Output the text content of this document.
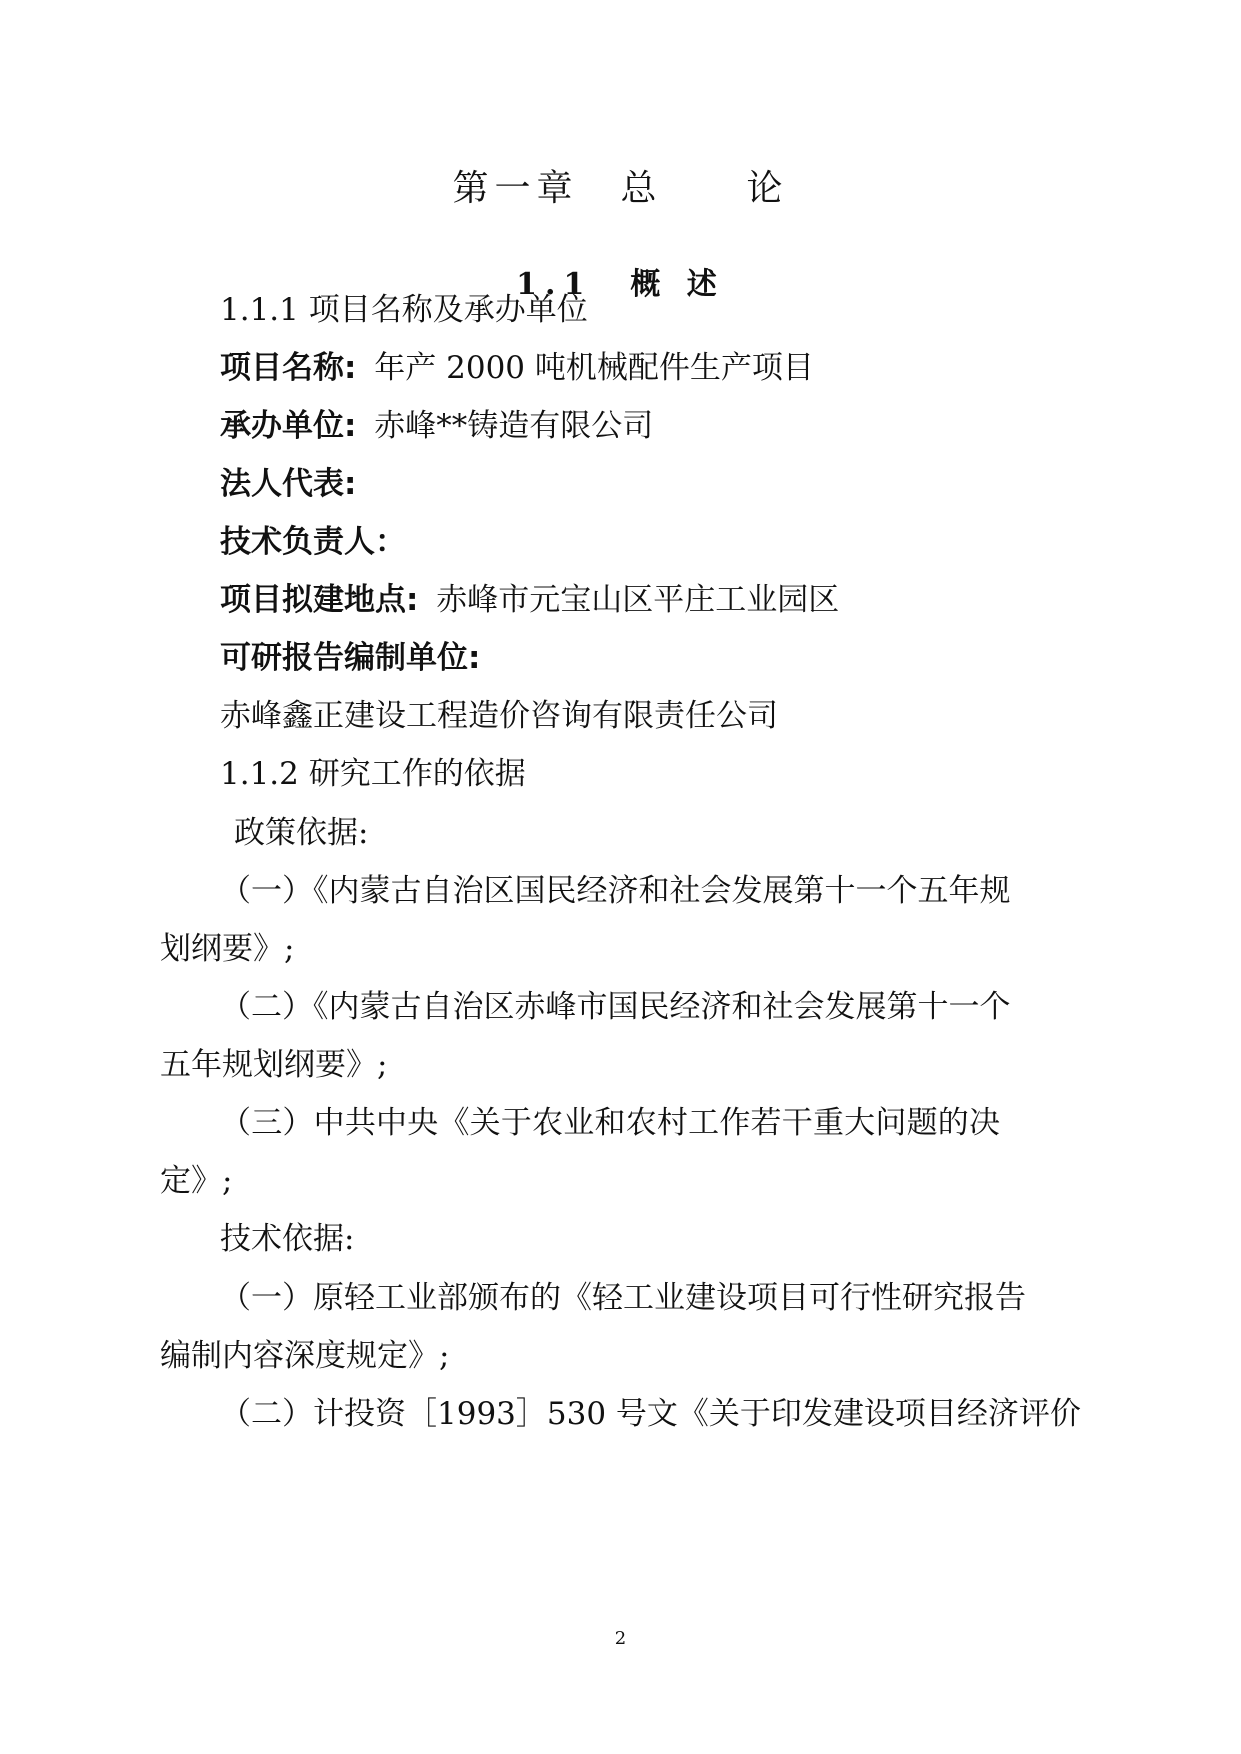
第一章　总　　论
1.1　概 述
1.1.1 项目名称及承办单位
项目名称: 年产 2000 吨机械配件生产项目
承办单位: 赤峰**铸造有限公司
法人代表:
技术负责人：
项目拟建地点: 赤峰市元宝山区平庄工业园区
可研报告编制单位:
赤峰鑫正建设工程造价咨询有限责任公司
1.1.2 研究工作的依据
政策依据:
（一）《内蒙古自治区国民经济和社会发展第十一个五年规
划纲要》;
（二）《内蒙古自治区赤峰市国民经济和社会发展第十一个
五年规划纲要》;
（三）中共中央《关于农业和农村工作若干重大问题的决
定》;
技术依据:
（一）原轻工业部颁布的《轻工业建设项目可行性研究报告
编制内容深度规定》;
（二）计投资［1993］530 号文《关于印发建设项目经济评价
2
